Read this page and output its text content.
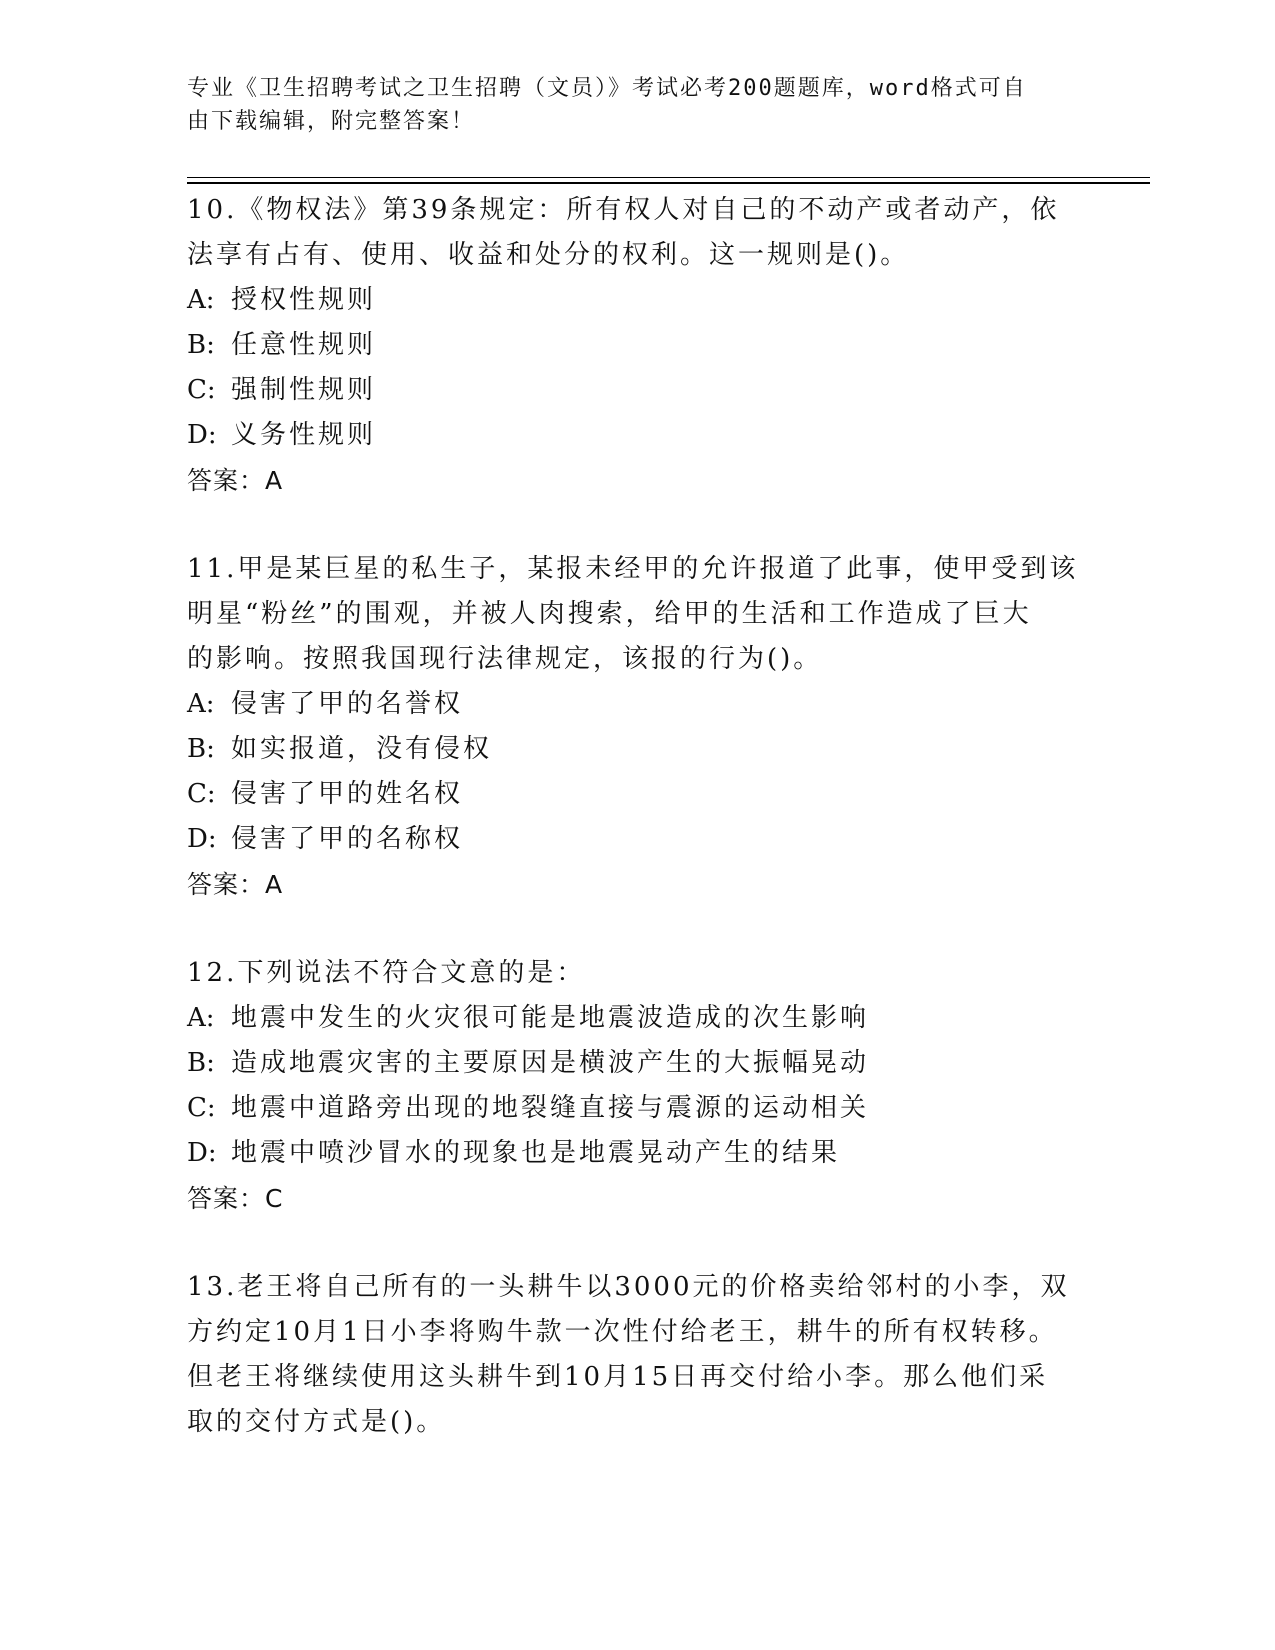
专业《卫生招聘考试之卫生招聘（文员）》考试必考200题题库，word格式可自
由下载编辑，附完整答案！

10.《物权法》第39条规定：所有权人对自己的不动产或者动产，依

法享有占有、使用、收益和处分的权利。这一规则是()。

A: 授权性规则

B: 任意性规则

C: 强制性规则

D: 义务性规则

答案：A

11.甲是某巨星的私生子，某报未经甲的允许报道了此事，使甲受到该

明星“粉丝”的围观，并被人肉搜索，给甲的生活和工作造成了巨大

的影响。按照我国现行法律规定，该报的行为()。

A: 侵害了甲的名誉权

B: 如实报道，没有侵权

C: 侵害了甲的姓名权

D: 侵害了甲的名称权

答案：A

12.下列说法不符合文意的是：

A: 地震中发生的火灾很可能是地震波造成的次生影响

B: 造成地震灾害的主要原因是横波产生的大振幅晃动

C: 地震中道路旁出现的地裂缝直接与震源的运动相关

D: 地震中喷沙冒水的现象也是地震晃动产生的结果

答案：C

13.老王将自己所有的一头耕牛以3000元的价格卖给邻村的小李，双

方约定10月1日小李将购牛款一次性付给老王，耕牛的所有权转移。

但老王将继续使用这头耕牛到10月15日再交付给小李。那么他们采

取的交付方式是()。
